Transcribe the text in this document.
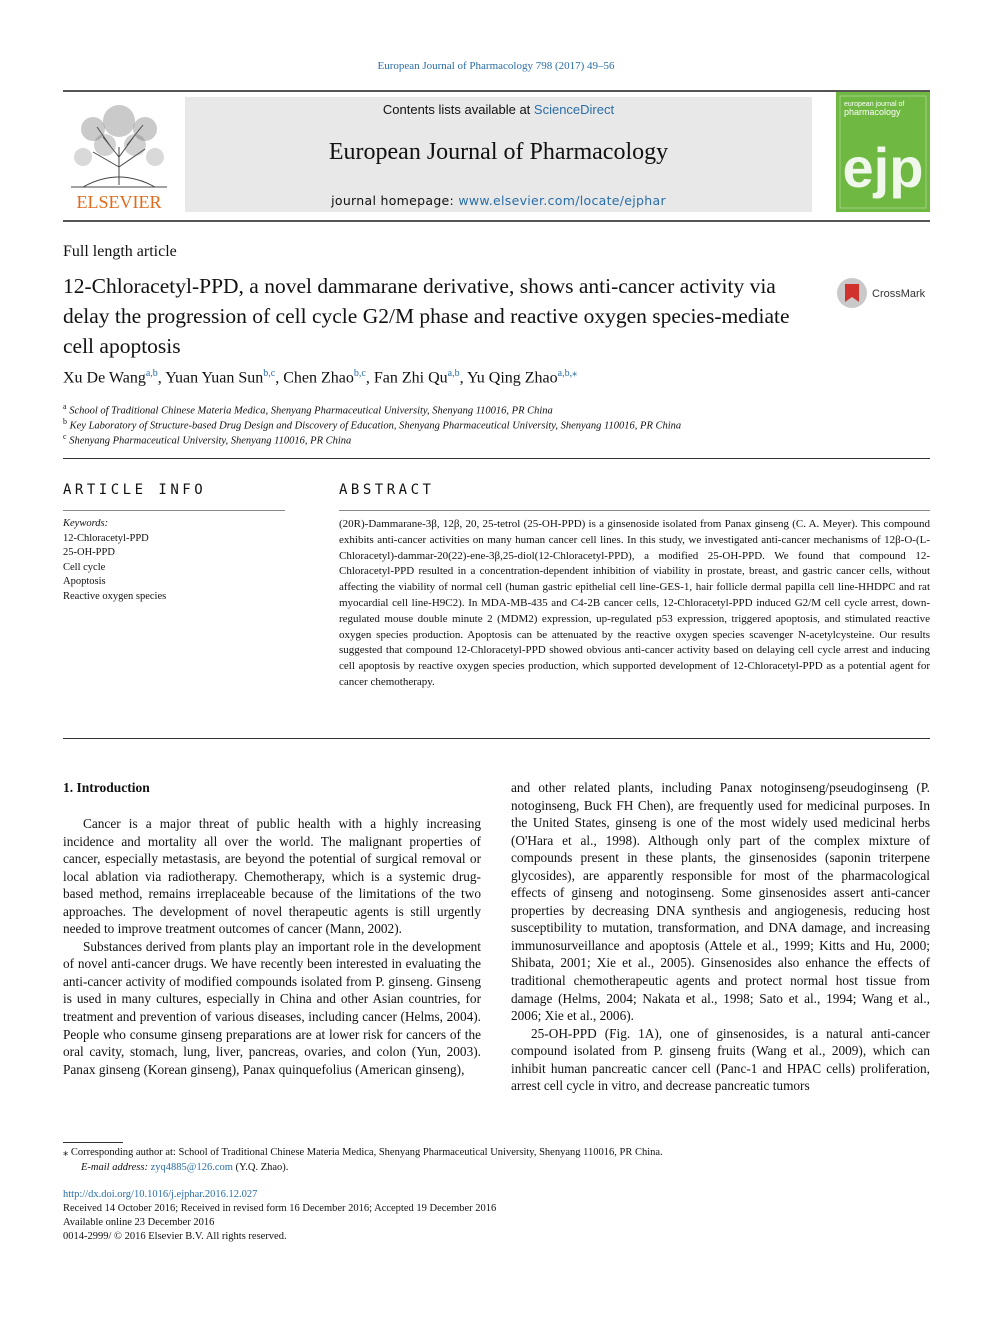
European Journal of Pharmacology 798 (2017) 49–56
ELSEVIER
Contents lists available at ScienceDirect
European Journal of Pharmacology
journal homepage: www.elsevier.com/locate/ejphar
european journal of
pharmacology
ejp
Full length article
12-Chloracetyl-PPD, a novel dammarane derivative, shows anti-cancer activity via delay the progression of cell cycle G2/M phase and reactive oxygen species-mediate cell apoptosis
CrossMark
Xu De Wang$^{a,b}$, Yuan Yuan Sun$^{b,c}$, Chen Zhao$^{b,c}$, Fan Zhi Qu$^{a,b}$, Yu Qing Zhao$^{a,b,⁎}$
$^a$ School of Traditional Chinese Materia Medica, Shenyang Pharmaceutical University, Shenyang 110016, PR China
$^b$ Key Laboratory of Structure-based Drug Design and Discovery of Education, Shenyang Pharmaceutical University, Shenyang 110016, PR China
$^c$ Shenyang Pharmaceutical University, Shenyang 110016, PR China
ARTICLE INFO	ABSTRACT
Keywords:
12-Chloracetyl-PPD
25-OH-PPD
Cell cycle
Apoptosis
Reactive oxygen species
(20R)-Dammarane-3β, 12β, 20, 25-tetrol (25-OH-PPD) is a ginsenoside isolated from Panax ginseng (C. A. Meyer). This compound exhibits anti-cancer activities on many human cancer cell lines. In this study, we investigated anti-cancer mechanisms of 12β-O-(L-Chloracetyl)-dammar-20(22)-ene-3β,25-diol(12-Chloracetyl-PPD), a modified 25-OH-PPD. We found that compound 12-Chloracetyl-PPD resulted in a concentration-dependent inhibition of viability in prostate, breast, and gastric cancer cells, without affecting the viability of normal cell (human gastric epithelial cell line-GES-1, hair follicle dermal papilla cell line-HHDPC and rat myocardial cell line-H9C2). In MDA-MB-435 and C4-2B cancer cells, 12-Chloracetyl-PPD induced G2/M cell cycle arrest, down-regulated mouse double minute 2 (MDM2) expression, up-regulated p53 expression, triggered apoptosis, and stimulated reactive oxygen species production. Apoptosis can be attenuated by the reactive oxygen species scavenger N-acetylcysteine. Our results suggested that compound 12-Chloracetyl-PPD showed obvious anti-cancer activity based on delaying cell cycle arrest and inducing cell apoptosis by reactive oxygen species production, which supported development of 12-Chloracetyl-PPD as a potential agent for cancer chemotherapy.
1. Introduction

Cancer is a major threat of public health with a highly increasing incidence and mortality all over the world. The malignant properties of cancer, especially metastasis, are beyond the potential of surgical removal or local ablation via radiotherapy. Chemotherapy, which is a systemic drug-based method, remains irreplaceable because of the limitations of the two approaches. The development of novel therapeutic agents is still urgently needed to improve treatment outcomes of cancer (Mann, 2002).

Substances derived from plants play an important role in the development of novel anti-cancer drugs. We have recently been interested in evaluating the anti-cancer activity of modified compounds isolated from P. ginseng. Ginseng is used in many cultures, especially in China and other Asian countries, for treatment and prevention of various diseases, including cancer (Helms, 2004). People who consume ginseng preparations are at lower risk for cancers of the oral cavity, stomach, lung, liver, pancreas, ovaries, and colon (Yun, 2003). Panax ginseng (Korean ginseng), Panax quinquefolius (American ginseng),

and other related plants, including Panax notoginseng/pseudoginseng (P. notoginseng, Buck FH Chen), are frequently used for medicinal purposes. In the United States, ginseng is one of the most widely used medicinal herbs (O'Hara et al., 1998). Although only part of the complex mixture of compounds present in these plants, the ginsenosides (saponin triterpene glycosides), are apparently responsible for most of the pharmacological effects of ginseng and notoginseng. Some ginsenosides assert anti-cancer properties by decreasing DNA synthesis and angiogenesis, reducing host susceptibility to mutation, transformation, and DNA damage, and increasing immunosurveillance and apoptosis (Attele et al., 1999; Kitts and Hu, 2000; Shibata, 2001; Xie et al., 2005). Ginsenosides also enhance the effects of traditional chemotherapeutic agents and protect normal host tissue from damage (Helms, 2004; Nakata et al., 1998; Sato et al., 1994; Wang et al., 2006; Xie et al., 2006).

25-OH-PPD (Fig. 1A), one of ginsenosides, is a natural anti-cancer compound isolated from P. ginseng fruits (Wang et al., 2009), which can inhibit human pancreatic cancer cell (Panc-1 and HPAC cells) proliferation, arrest cell cycle in vitro, and decrease pancreatic tumors

⁎ Corresponding author at: School of Traditional Chinese Materia Medica, Shenyang Pharmaceutical University, Shenyang 110016, PR China.
E-mail address: zyq4885@126.com (Y.Q. Zhao).
http://dx.doi.org/10.1016/j.ejphar.2016.12.027
Received 14 October 2016; Received in revised form 16 December 2016; Accepted 19 December 2016
Available online 23 December 2016
0014-2999/ © 2016 Elsevier B.V. All rights reserved.
